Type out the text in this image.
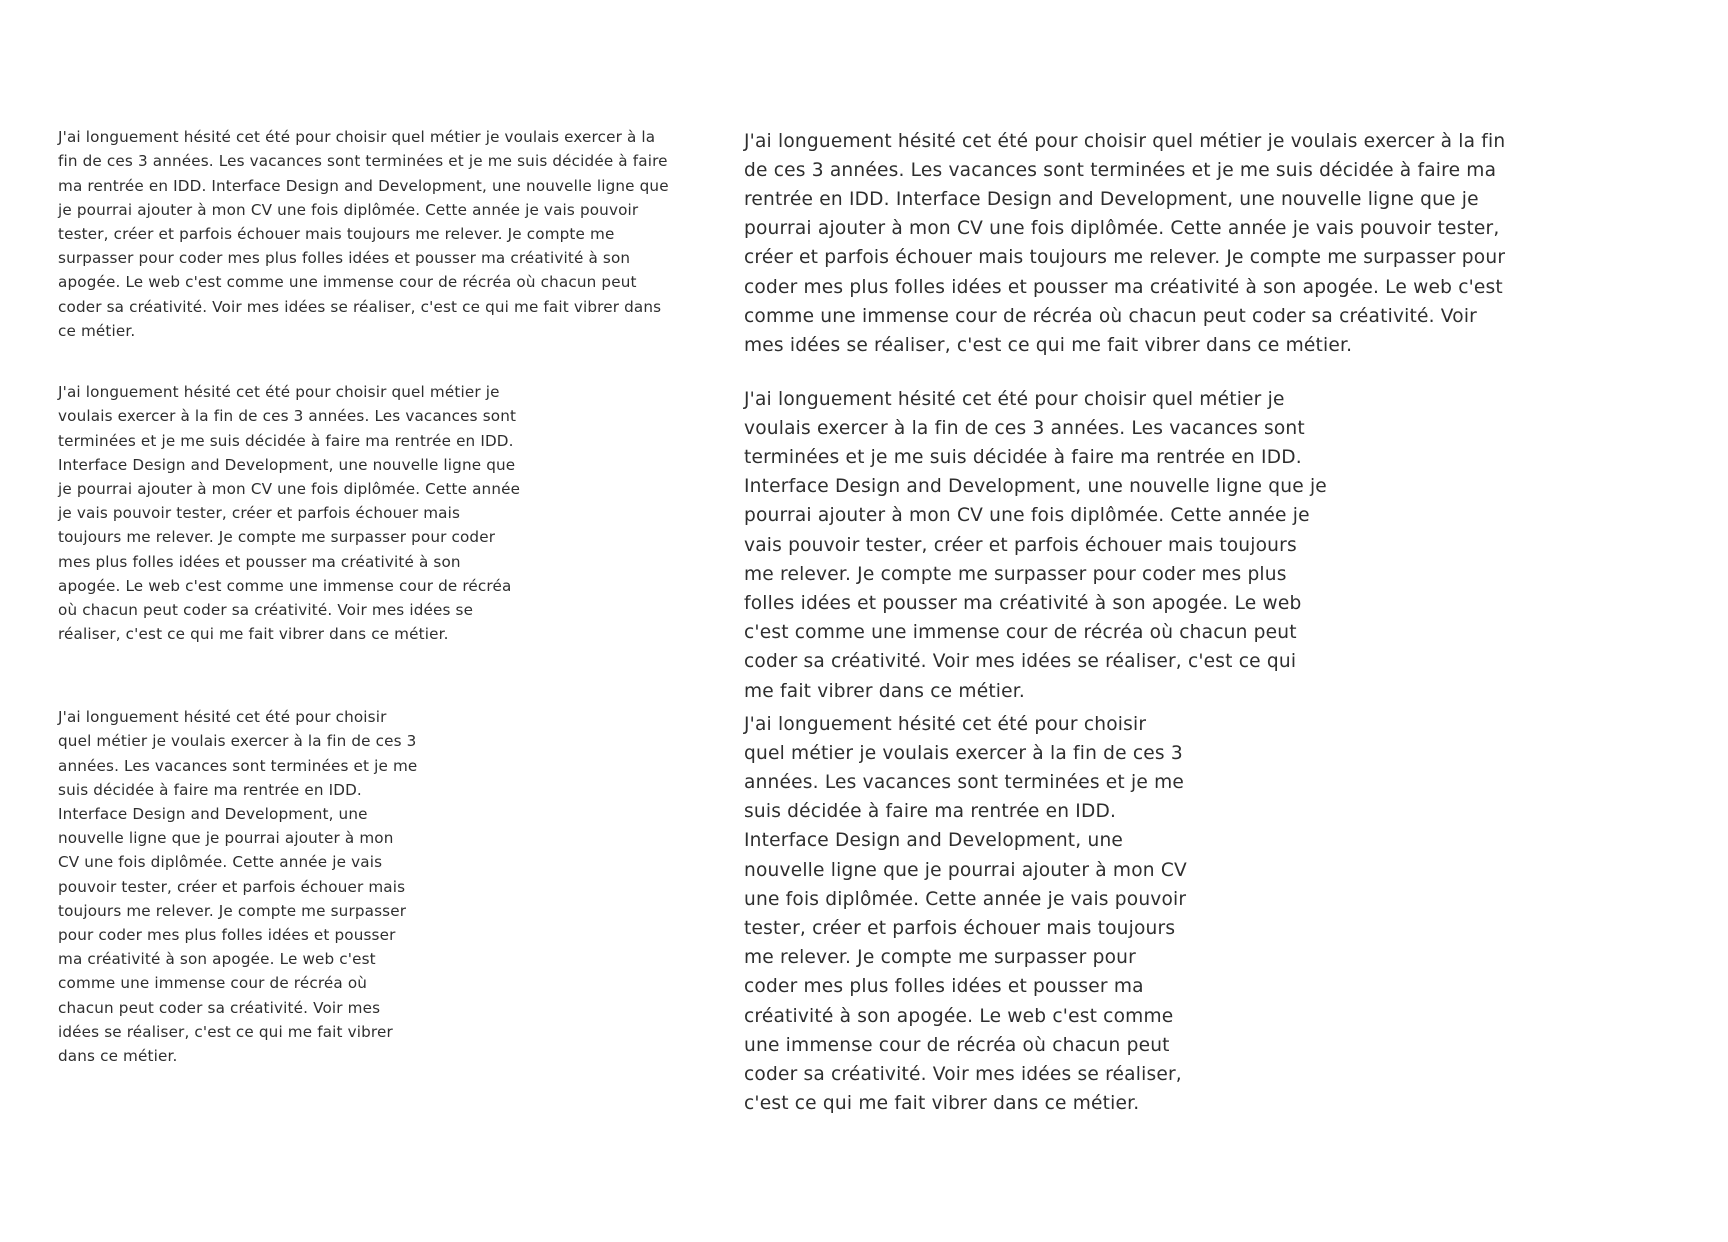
J'ai longuement hésité cet été pour choisir quel métier je voulais exercer à la fin de ces 3 années. Les vacances sont terminées et je me suis décidée à faire ma rentrée en IDD. Interface Design and Development, une nouvelle ligne que je pourrai ajouter à mon CV une fois diplômée. Cette année je vais pouvoir tester, créer et parfois échouer mais toujours me relever. Je compte me surpasser pour coder mes plus folles idées et pousser ma créativité à son apogée. Le web c'est comme une immense cour de récréa où chacun peut coder sa créativité. Voir mes idées se réaliser, c'est ce qui me fait vibrer dans ce métier.

J'ai longuement hésité cet été pour choisir quel métier je voulais exercer à la fin de ces 3 années. Les vacances sont terminées et je me suis décidée à faire ma rentrée en IDD. Interface Design and Development, une nouvelle ligne que je pourrai ajouter à mon CV une fois diplômée. Cette année je vais pouvoir tester, créer et parfois échouer mais toujours me relever. Je compte me surpasser pour coder mes plus folles idées et pousser ma créativité à son apogée. Le web c'est comme une immense cour de récréa où chacun peut coder sa créativité. Voir mes idées se réaliser, c'est ce qui me fait vibrer dans ce métier.

J'ai longuement hésité cet été pour choisir quel métier je voulais exercer à la fin de ces 3 années. Les vacances sont terminées et je me suis décidée à faire ma rentrée en IDD. Interface Design and Development, une nouvelle ligne que je pourrai ajouter à mon CV une fois diplômée. Cette année je vais pouvoir tester, créer et parfois échouer mais toujours me relever. Je compte me surpasser pour coder mes plus folles idées et pousser ma créativité à son apogée. Le web c'est comme une immense cour de récréa où chacun peut coder sa créativité. Voir mes idées se réaliser, c'est ce qui me fait vibrer dans ce métier.

J'ai longuement hésité cet été pour choisir quel métier je voulais exercer à la fin de ces 3 années. Les vacances sont terminées et je me suis décidée à faire ma rentrée en IDD. Interface Design and Development, une nouvelle ligne que je pourrai ajouter à mon CV une fois diplômée. Cette année je vais pouvoir tester, créer et parfois échouer mais toujours me relever. Je compte me surpasser pour coder mes plus folles idées et pousser ma créativité à son apogée. Le web c'est comme une immense cour de récréa où chacun peut coder sa créativité. Voir mes idées se réaliser, c'est ce qui me fait vibrer dans ce métier.

J'ai longuement hésité cet été pour choisir quel métier je voulais exercer à la fin de ces 3 années. Les vacances sont terminées et je me suis décidée à faire ma rentrée en IDD. Interface Design and Development, une nouvelle ligne que je pourrai ajouter à mon CV une fois diplômée. Cette année je vais pouvoir tester, créer et parfois échouer mais toujours me relever. Je compte me surpasser pour coder mes plus folles idées et pousser ma créativité à son apogée. Le web c'est comme une immense cour de récréa où chacun peut coder sa créativité. Voir mes idées se réaliser, c'est ce qui me fait vibrer dans ce métier.

J'ai longuement hésité cet été pour choisir quel métier je voulais exercer à la fin de ces 3 années. Les vacances sont terminées et je me suis décidée à faire ma rentrée en IDD. Interface Design and Development, une nouvelle ligne que je pourrai ajouter à mon CV une fois diplômée. Cette année je vais pouvoir tester, créer et parfois échouer mais toujours me relever. Je compte me surpasser pour coder mes plus folles idées et pousser ma créativité à son apogée. Le web c'est comme une immense cour de récréa où chacun peut coder sa créativité. Voir mes idées se réaliser, c'est ce qui me fait vibrer dans ce métier.
